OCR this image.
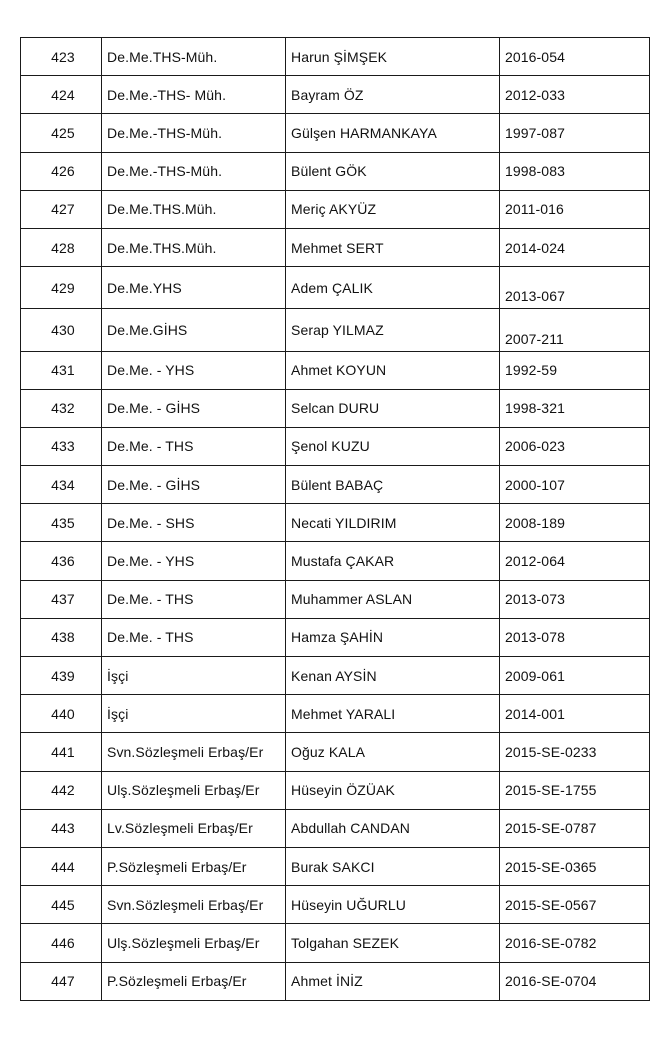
423	De.Me.THS-Müh.	Harun ŞİMŞEK	2016-054
424	De.Me.-THS- Müh.	Bayram ÖZ	2012-033
425	De.Me.-THS-Müh.	Gülşen HARMANKAYA	1997-087
426	De.Me.-THS-Müh.	Bülent GÖK	1998-083
427	De.Me.THS.Müh.	Meriç AKYÜZ	2011-016
428	De.Me.THS.Müh.	Mehmet SERT	2014-024
429	De.Me.YHS	Adem ÇALIK	2013-067
430	De.Me.GİHS	Serap YILMAZ	2007-211
431	De.Me. - YHS	Ahmet KOYUN	1992-59
432	De.Me. - GİHS	Selcan DURU	1998-321
433	De.Me. - THS	Şenol KUZU	2006-023
434	De.Me. - GİHS	Bülent BABAÇ	2000-107
435	De.Me. - SHS	Necati YILDIRIM	2008-189
436	De.Me. - YHS	Mustafa ÇAKAR	2012-064
437	De.Me. - THS	Muhammer ASLAN	2013-073
438	De.Me. - THS	Hamza ŞAHİN	2013-078
439	İşçi	Kenan AYSİN	2009-061
440	İşçi	Mehmet YARALI	2014-001
441	Svn.Sözleşmeli Erbaş/Er	Oğuz KALA	2015-SE-0233
442	Ulş.Sözleşmeli Erbaş/Er	Hüseyin ÖZÜAK	2015-SE-1755
443	Lv.Sözleşmeli Erbaş/Er	Abdullah CANDAN	2015-SE-0787
444	P.Sözleşmeli Erbaş/Er	Burak SAKCI	2015-SE-0365
445	Svn.Sözleşmeli Erbaş/Er	Hüseyin UĞURLU	2015-SE-0567
446	Ulş.Sözleşmeli Erbaş/Er	Tolgahan SEZEK	2016-SE-0782
447	P.Sözleşmeli Erbaş/Er	Ahmet İNİZ	2016-SE-0704
